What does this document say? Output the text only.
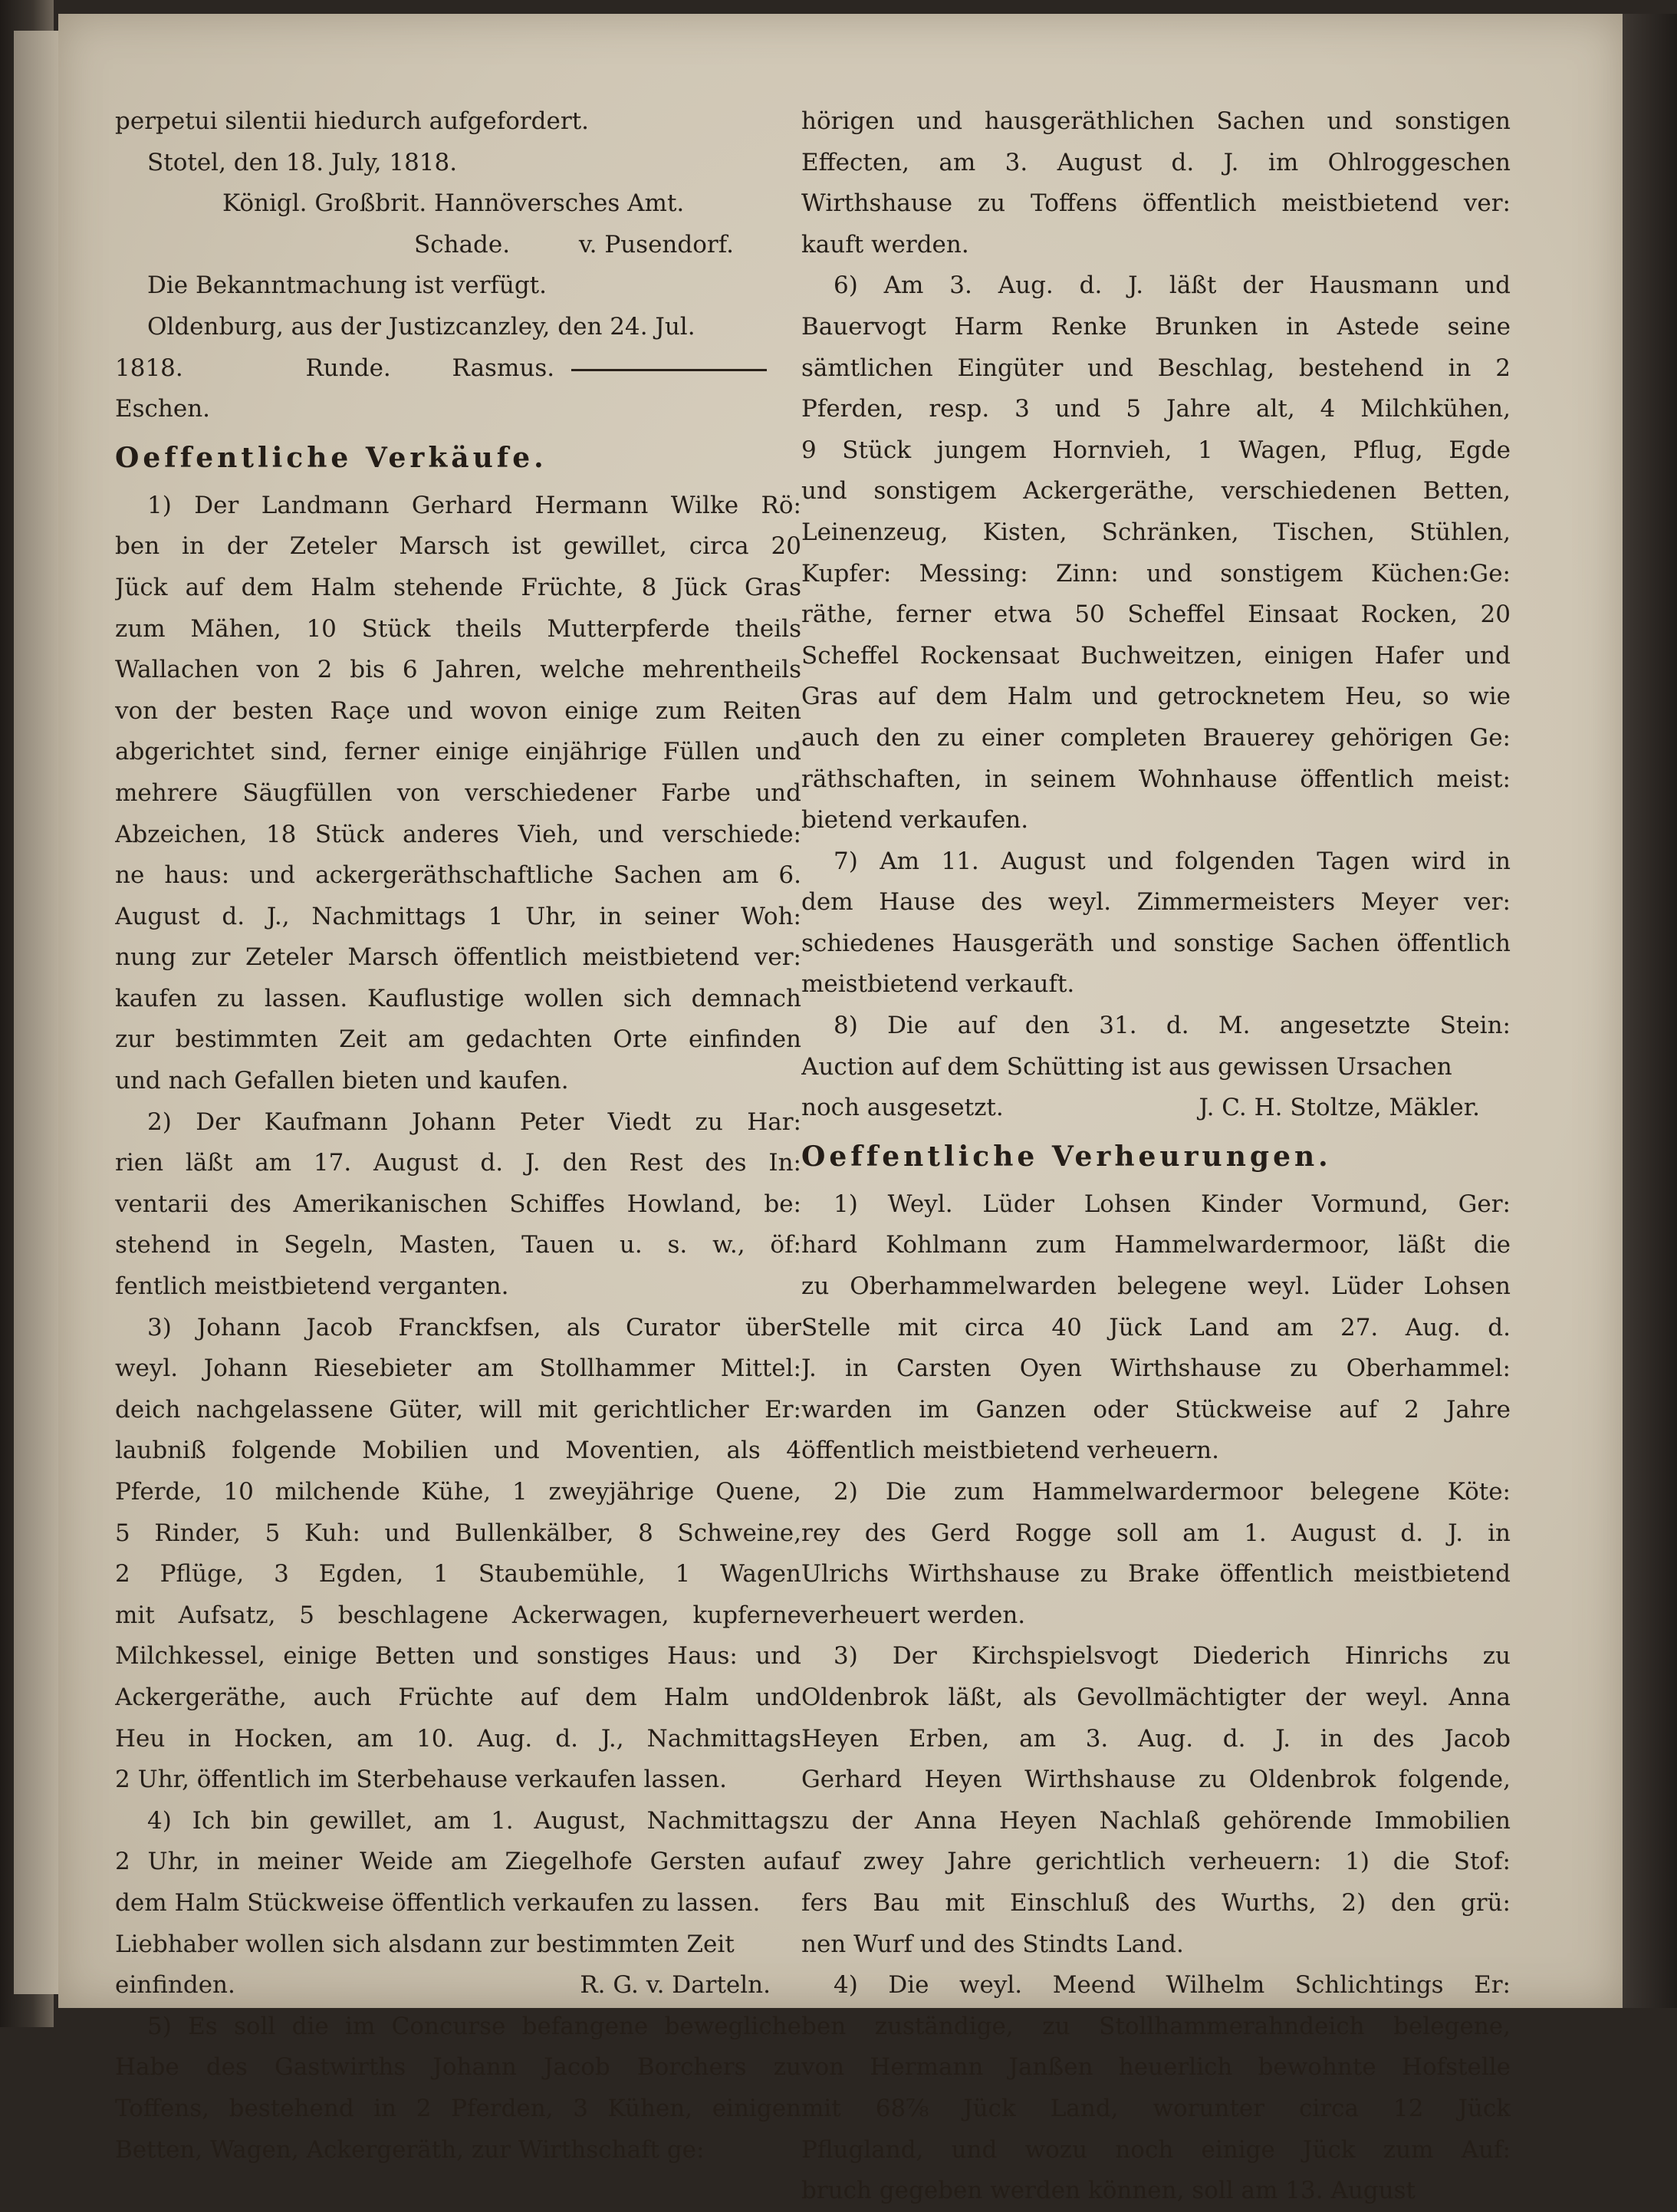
perpetui silentii hiedurch aufgefordert.
Stotel, den 18. July, 1818.
Königl. Großbrit. Hannöversches Amt.
Schade.	v. Pusendorf.
Die Bekanntmachung ist verfügt.
Oldenburg, aus der Justizcanzley, den 24. Jul.
1818.	Runde.	Rasmus.
Eschen.
Oeffentliche Verkäufe.
1) Der Landmann Gerhard Hermann Wilke Rö:
ben in der Zeteler Marsch ist gewillet, circa 20
Jück auf dem Halm stehende Früchte, 8 Jück Gras
zum Mähen, 10 Stück theils Mutterpferde theils
Wallachen von 2 bis 6 Jahren, welche mehrentheils
von der besten Raçe und wovon einige zum Reiten
abgerichtet sind, ferner einige einjährige Füllen und
mehrere Säugfüllen von verschiedener Farbe und
Abzeichen, 18 Stück anderes Vieh, und verschiede:
ne haus: und ackergeräthschaftliche Sachen am 6.
August d. J., Nachmittags 1 Uhr, in seiner Woh:
nung zur Zeteler Marsch öffentlich meistbietend ver:
kaufen zu lassen. Kauflustige wollen sich demnach
zur bestimmten Zeit am gedachten Orte einfinden
und nach Gefallen bieten und kaufen.
2) Der Kaufmann Johann Peter Viedt zu Har:
rien läßt am 17. August d. J. den Rest des In:
ventarii des Amerikanischen Schiffes Howland, be:
stehend in Segeln, Masten, Tauen u. s. w., öf:
fentlich meistbietend verganten.
3) Johann Jacob Franckfsen, als Curator über
weyl. Johann Riesebieter am Stollhammer Mittel:
deich nachgelassene Güter, will mit gerichtlicher Er:
laubniß folgende Mobilien und Moventien, als 4
Pferde, 10 milchende Kühe, 1 zweyjährige Quene,
5 Rinder, 5 Kuh: und Bullenkälber, 8 Schweine,
2 Pflüge, 3 Egden, 1 Staubemühle, 1 Wagen
mit Aufsatz, 5 beschlagene Ackerwagen, kupferne
Milchkessel, einige Betten und sonstiges Haus: und
Ackergeräthe, auch Früchte auf dem Halm und
Heu in Hocken, am 10. Aug. d. J., Nachmittags
2 Uhr, öffentlich im Sterbehause verkaufen lassen.
4) Ich bin gewillet, am 1. August, Nachmittags
2 Uhr, in meiner Weide am Ziegelhofe Gersten auf
dem Halm Stückweise öffentlich verkaufen zu lassen.
Liebhaber wollen sich alsdann zur bestimmten Zeit
einfinden.	R. G. v. Darteln.
5) Es soll die im Concurse befangene bewegliche
Habe des Gastwirths Johann Jacob Borchers zu
Toffens, bestehend in 2 Pferden, 3 Kühen, einigen
Betten, Wagen, Ackergeräth, zur Wirthschaft ge:
hörigen und hausgeräthlichen Sachen und sonstigen
Effecten, am 3. August d. J. im Ohlroggeschen
Wirthshause zu Toffens öffentlich meistbietend ver:
kauft werden.
6) Am 3. Aug. d. J. läßt der Hausmann und
Bauervogt Harm Renke Brunken in Astede seine
sämtlichen Eingüter und Beschlag, bestehend in 2
Pferden, resp. 3 und 5 Jahre alt, 4 Milchkühen,
9 Stück jungem Hornvieh, 1 Wagen, Pflug, Egde
und sonstigem Ackergeräthe, verschiedenen Betten,
Leinenzeug, Kisten, Schränken, Tischen, Stühlen,
Kupfer: Messing: Zinn: und sonstigem Küchen:Ge:
räthe, ferner etwa 50 Scheffel Einsaat Rocken, 20
Scheffel Rockensaat Buchweitzen, einigen Hafer und
Gras auf dem Halm und getrocknetem Heu, so wie
auch den zu einer completen Brauerey gehörigen Ge:
räthschaften, in seinem Wohnhause öffentlich meist:
bietend verkaufen.
7) Am 11. August und folgenden Tagen wird in
dem Hause des weyl. Zimmermeisters Meyer ver:
schiedenes Hausgeräth und sonstige Sachen öffentlich
meistbietend verkauft.
8) Die auf den 31. d. M. angesetzte Stein:
Auction auf dem Schütting ist aus gewissen Ursachen
noch ausgesetzt.	J. C. H. Stoltze, Mäkler.
Oeffentliche Verheurungen.
1) Weyl. Lüder Lohsen Kinder Vormund, Ger:
hard Kohlmann zum Hammelwardermoor, läßt die
zu Oberhammelwarden belegene weyl. Lüder Lohsen
Stelle mit circa 40 Jück Land am 27. Aug. d.
J. in Carsten Oyen Wirthshause zu Oberhammel:
warden im Ganzen oder Stückweise auf 2 Jahre
öffentlich meistbietend verheuern.
2) Die zum Hammelwardermoor belegene Köte:
rey des Gerd Rogge soll am 1. August d. J. in
Ulrichs Wirthshause zu Brake öffentlich meistbietend
verheuert werden.
3) Der Kirchspielsvogt Diederich Hinrichs zu
Oldenbrok läßt, als Gevollmächtigter der weyl. Anna
Heyen Erben, am 3. Aug. d. J. in des Jacob
Gerhard Heyen Wirthshause zu Oldenbrok folgende,
zu der Anna Heyen Nachlaß gehörende Immobilien
auf zwey Jahre gerichtlich verheuern: 1) die Stof:
fers Bau mit Einschluß des Wurths, 2) den grü:
nen Wurf und des Stindts Land.
4) Die weyl. Meend Wilhelm Schlichtings Er:
ben zuständige, zu Stollhammerahndeich belegene,
von Hermann Janßen heuerlich bewohnte Hofstelle
mit 68⅞ Jück Land, worunter circa 12 Jück
Pflugland, und wozu noch einige Jück zum Auf:
bruch gegeben werden können, soll am 13. August
